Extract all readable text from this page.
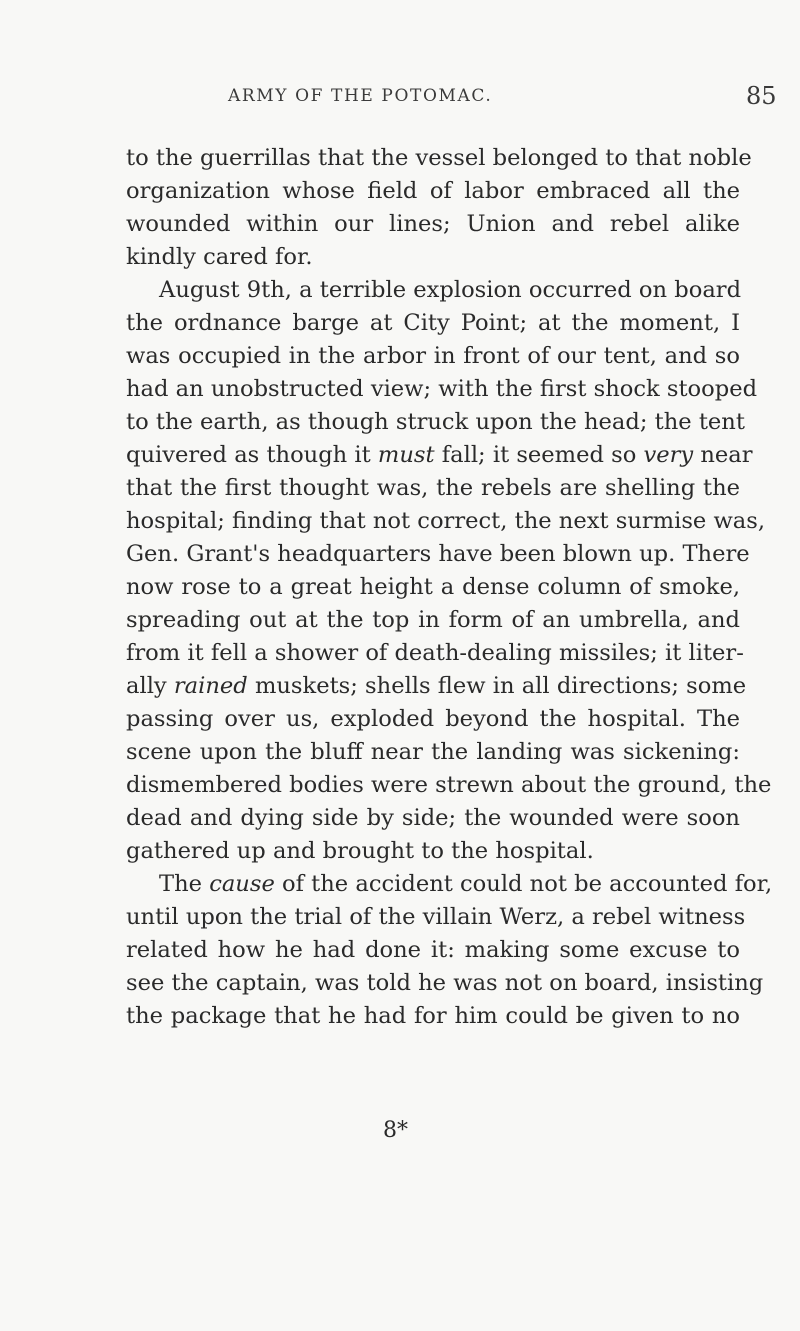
ARMY OF THE POTOMAC.	85
to the guerrillas that the vessel belonged to that noble
organization whose field of labor embraced all the
wounded within our lines; Union and rebel alike
kindly cared for.
August 9th, a terrible explosion occurred on board
the ordnance barge at City Point; at the moment, I
was occupied in the arbor in front of our tent, and so
had an unobstructed view; with the first shock stooped
to the earth, as though struck upon the head; the tent
quivered as though it must fall; it seemed so very near
that the first thought was, the rebels are shelling the
hospital; finding that not correct, the next surmise was,
Gen. Grant's headquarters have been blown up. There
now rose to a great height a dense column of smoke,
spreading out at the top in form of an umbrella, and
from it fell a shower of death-dealing missiles; it liter-
ally rained muskets; shells flew in all directions; some
passing over us, exploded beyond the hospital. The
scene upon the bluff near the landing was sickening:
dismembered bodies were strewn about the ground, the
dead and dying side by side; the wounded were soon
gathered up and brought to the hospital.
The cause of the accident could not be accounted for,
until upon the trial of the villain Werz, a rebel witness
related how he had done it: making some excuse to
see the captain, was told he was not on board, insisting
the package that he had for him could be given to no
8*
